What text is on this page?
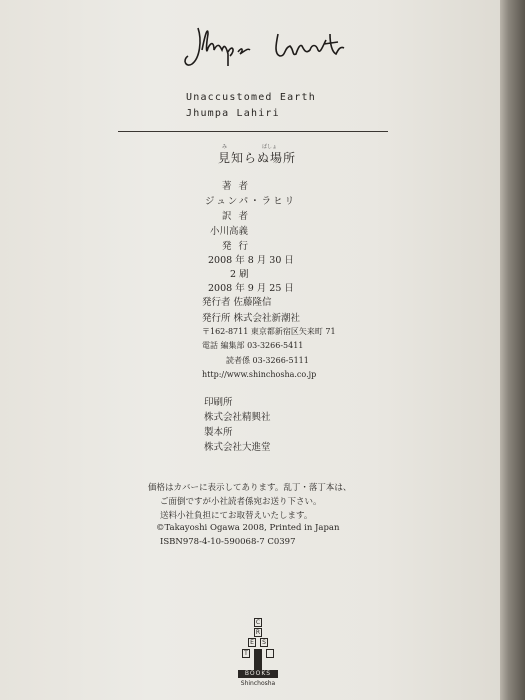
Jhumpa Lahiri
Unaccustomed Earth
Jhumpa Lahiri
み	ばしょ
見知らぬ場所
著 者
ジュンパ・ラヒリ
訳 者
小川高義
発 行
2008 年 8 月 30 日
2 刷
2008 年 9 月 25 日
発行者 佐藤隆信
発行所 株式会社新潮社
〒162-8711 東京都新宿区矢来町 71
電話 編集部 03-3266-5411
読者係 03-3266-5111
http://www.shinchosha.co.jp
印刷所
株式会社精興社
製本所
株式会社大進堂
価格はカバーに表示してあります。乱丁・落丁本は、
ご面倒ですが小社読者係宛お送り下さい。
送料小社負担にてお取替えいたします。
©Takayoshi Ogawa 2008, Printed in Japan
ISBN978-4-10-590068-7 C0397
C
R
E	S
T
BOOKS
Shinchosha
